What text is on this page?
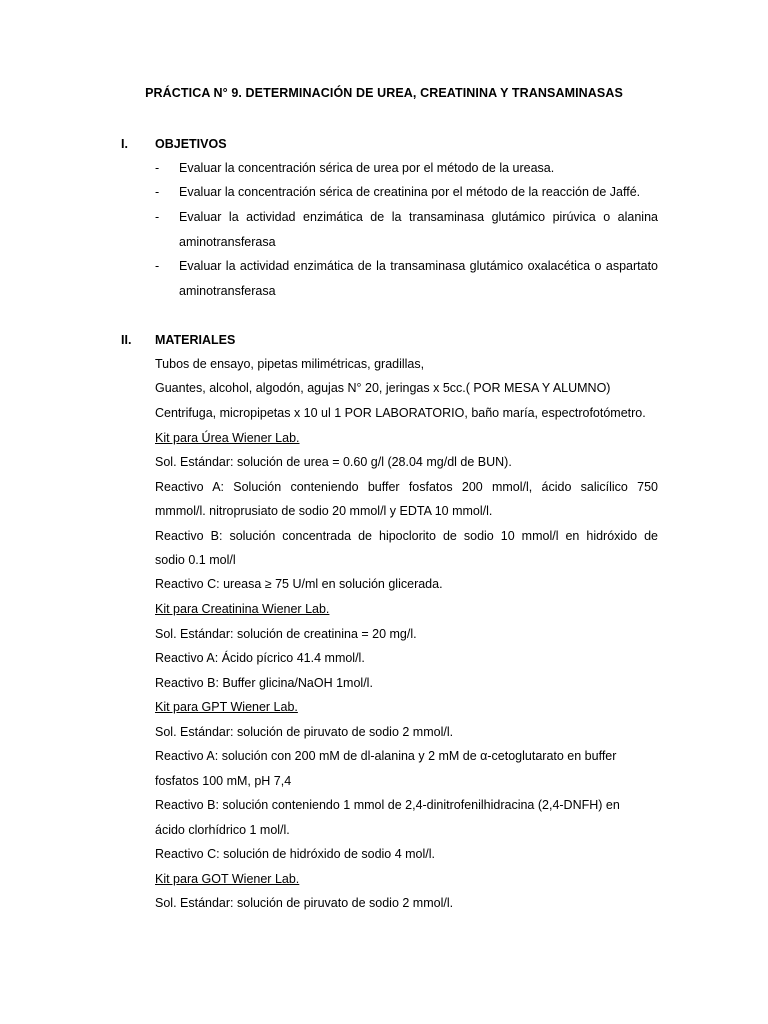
PRÁCTICA N° 9. DETERMINACIÓN DE UREA, CREATININA Y TRANSAMINASAS
I. OBJETIVOS
- Evaluar la concentración sérica de urea por el método de la ureasa.
- Evaluar la concentración sérica de creatinina por el método de la reacción de Jaffé.
- Evaluar la actividad enzimática de la transaminasa glutámico pirúvica o alanina
aminotransferasa
- Evaluar la actividad enzimática de la transaminasa glutámico oxalacética o aspartato
aminotransferasa
II. MATERIALES
Tubos de ensayo, pipetas milimétricas, gradillas,
Guantes, alcohol, algodón, agujas N° 20, jeringas x 5cc.( POR MESA Y ALUMNO)
Centrifuga, micropipetas x 10 ul 1 POR LABORATORIO, baño maría, espectrofotómetro.
Kit para Úrea Wiener Lab.
Sol. Estándar: solución de urea = 0.60 g/l (28.04 mg/dl de BUN).
Reactivo A: Solución conteniendo buffer fosfatos 200 mmol/l, ácido salicílico 750
mmmol/l. nitroprusiato de sodio 20 mmol/l y EDTA 10 mmol/l.
Reactivo B: solución concentrada de hipoclorito de sodio 10 mmol/l en hidróxido de
sodio 0.1 mol/l
Reactivo C: ureasa ≥ 75 U/ml en solución glicerada.
Kit para Creatinina Wiener Lab.
Sol. Estándar: solución de creatinina = 20 mg/l.
Reactivo A: Ácido pícrico 41.4 mmol/l.
Reactivo B: Buffer glicina/NaOH 1mol/l.
Kit para GPT Wiener Lab.
Sol. Estándar: solución de piruvato de sodio 2 mmol/l.
Reactivo A: solución con 200 mM de dl-alanina y 2 mM de α-cetoglutarato en buffer
fosfatos 100 mM, pH 7,4
Reactivo B: solución conteniendo 1 mmol de 2,4-dinitrofenilhidracina (2,4-DNFH) en
ácido clorhídrico 1 mol/l.
Reactivo C: solución de hidróxido de sodio 4 mol/l.
Kit para GOT Wiener Lab.
Sol. Estándar: solución de piruvato de sodio 2 mmol/l.
